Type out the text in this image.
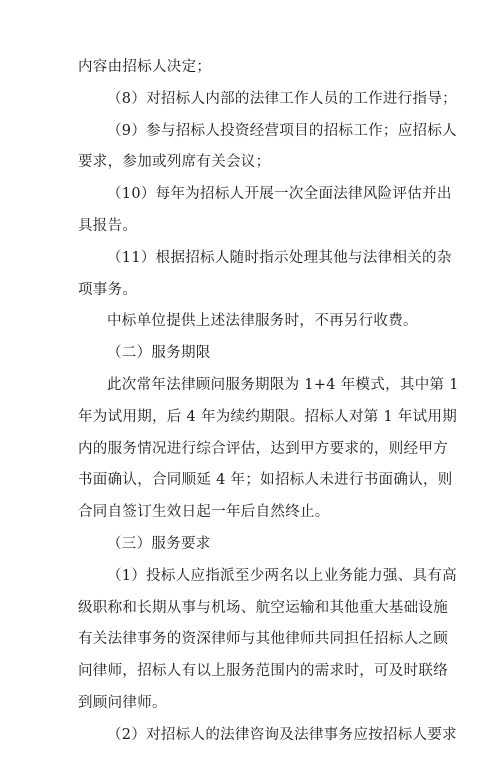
内容由招标人决定；
（8）对招标人内部的法律工作人员的工作进行指导；
（9）参与招标人投资经营项目的招标工作；应招标人
要求，参加或列席有关会议；
（10）每年为招标人开展一次全面法律风险评估并出
具报告。
（11）根据招标人随时指示处理其他与法律相关的杂
项事务。
中标单位提供上述法律服务时，不再另行收费。
（二）服务期限
此次常年法律顾问服务期限为 1+4 年模式，其中第 1
年为试用期，后 4 年为续约期限。招标人对第 1 年试用期
内的服务情况进行综合评估，达到甲方要求的，则经甲方
书面确认，合同顺延 4 年；如招标人未进行书面确认，则
合同自签订生效日起一年后自然终止。
（三）服务要求
（1）投标人应指派至少两名以上业务能力强、具有高
级职称和长期从事与机场、航空运输和其他重大基础设施
有关法律事务的资深律师与其他律师共同担任招标人之顾
问律师，招标人有以上服务范围内的需求时，可及时联络
到顾问律师。
（2）对招标人的法律咨询及法律事务应按招标人要求
